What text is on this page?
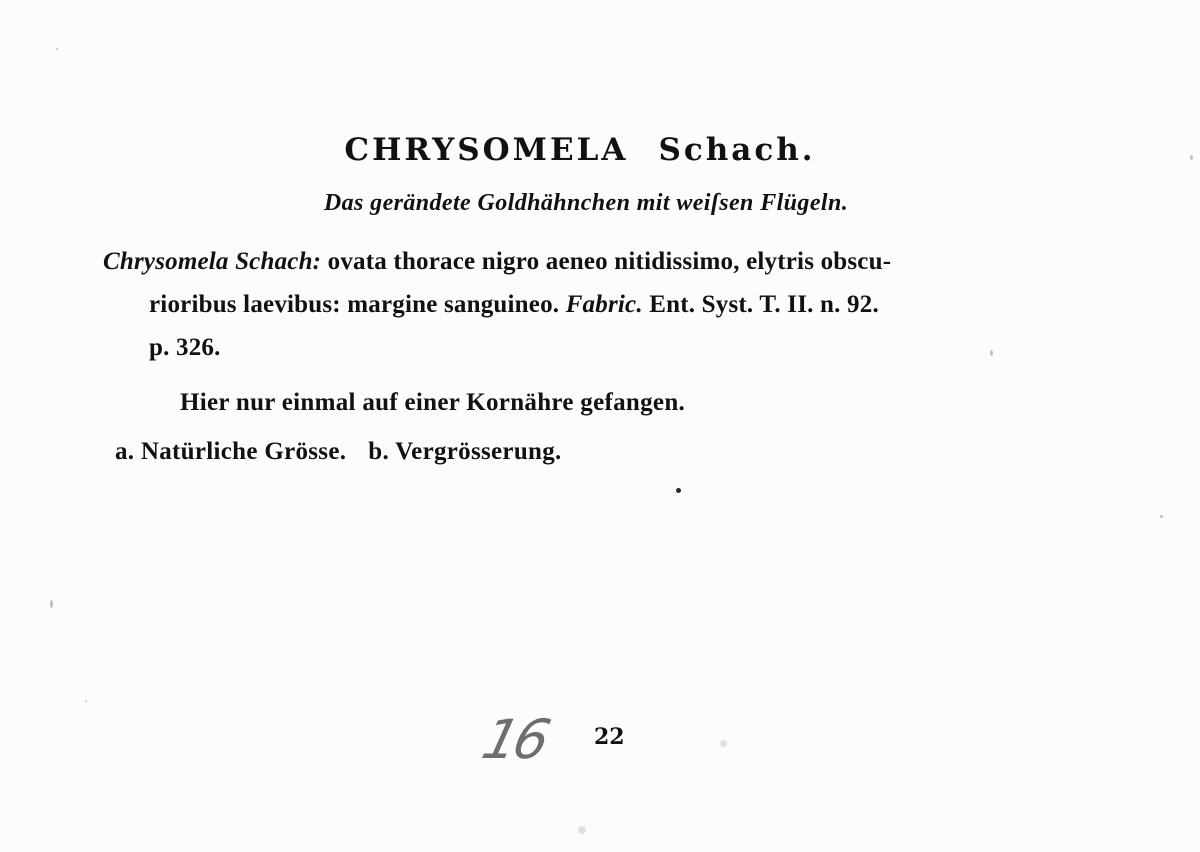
CHRYSOMELA Schach.
Das gerändete Goldhähnchen mit weiſsen Flügeln.
Chrysomela Schach: ovata thorace nigro aeneo nitidissimo, elytris obscu-
rioribus laevibus: margine sanguineo. Fabric. Ent. Syst. T. II. n. 92.
p. 326.
Hier nur einmal auf einer Kornähre gefangen.
a. Natürliche Grösse. b. Vergrösserung.
16 22
